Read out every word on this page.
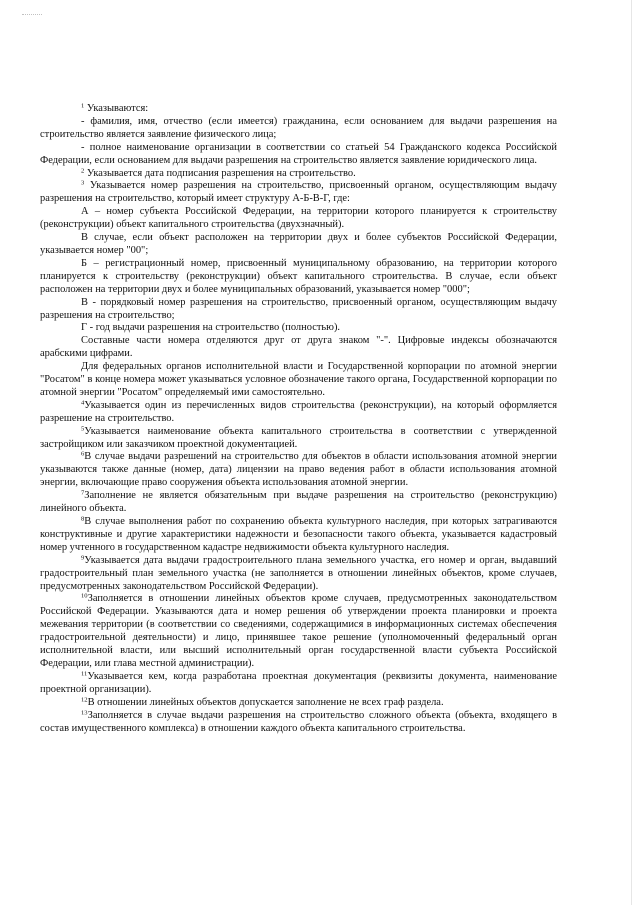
$^1$ Указываются:

- фамилия, имя, отчество (если имеется) гражданина, если основанием для выдачи разрешения на строительство является заявление физического лица;

- полное наименование организации в соответствии со статьей 54 Гражданского кодекса Российской Федерации, если основанием для выдачи разрешения на строительство является заявление юридического лица.

$^2$ Указывается дата подписания разрешения на строительство.

$^3$ Указывается номер разрешения на строительство, присвоенный органом, осуществляющим выдачу разрешения на строительство, который имеет структуру А-Б-В-Г, где:

А – номер субъекта Российской Федерации, на территории которого планируется к строительству (реконструкции) объект капитального строительства (двухзначный).

В случае, если объект расположен на территории двух и более субъектов Российской Федерации, указывается номер "00";

Б – регистрационный номер, присвоенный муниципальному образованию, на территории которого планируется к строительству (реконструкции) объект капитального строительства. В случае, если объект расположен на территории двух и более муниципальных образований, указывается номер "000";

В - порядковый номер разрешения на строительство, присвоенный органом, осуществляющим выдачу разрешения на строительство;

Г - год выдачи разрешения на строительство (полностью).

Составные части номера отделяются друг от друга знаком "-". Цифровые индексы обозначаются арабскими цифрами.

Для федеральных органов исполнительной власти и Государственной корпорации по атомной энергии "Росатом" в конце номера может указываться условное обозначение такого органа, Государственной корпорации по атомной энергии "Росатом" определяемый ими самостоятельно.

$^4$Указывается один из перечисленных видов строительства (реконструкции), на который оформляется разрешение на строительство.

$^5$Указывается наименование объекта капитального строительства в соответствии с утвержденной застройщиком или заказчиком проектной документацией.

$^6$В случае выдачи разрешений на строительство для объектов в области использования атомной энергии указываются также данные (номер, дата) лицензии на право ведения работ в области использования атомной энергии, включающие право сооружения объекта использования атомной энергии.

$^7$Заполнение не является обязательным при выдаче разрешения на строительство (реконструкцию) линейного объекта.

$^8$В случае выполнения работ по сохранению объекта культурного наследия, при которых затрагиваются конструктивные и другие характеристики надежности и безопасности такого объекта, указывается кадастровый номер учтенного в государственном кадастре недвижимости объекта культурного наследия.

$^9$Указывается дата выдачи градостроительного плана земельного участка, его номер и орган, выдавший градостроительный план земельного участка (не заполняется в отношении линейных объектов, кроме случаев, предусмотренных законодательством Российской Федерации).

$^{10}$Заполняется в отношении линейных объектов кроме случаев, предусмотренных законодательством Российской Федерации. Указываются дата и номер решения об утверждении проекта планировки и проекта межевания территории (в соответствии со сведениями, содержащимися в информационных системах обеспечения градостроительной деятельности) и лицо, принявшее такое решение (уполномоченный федеральный орган исполнительной власти, или высший исполнительный орган государственной власти субъекта Российской Федерации, или глава местной администрации).

$^{11}$Указывается кем, когда разработана проектная документация (реквизиты документа, наименование проектной организации).

$^{12}$В отношении линейных объектов допускается заполнение не всех граф раздела.

$^{13}$Заполняется в случае выдачи разрешения на строительство сложного объекта (объекта, входящего в состав имущественного комплекса) в отношении каждого объекта капитального строительства.
